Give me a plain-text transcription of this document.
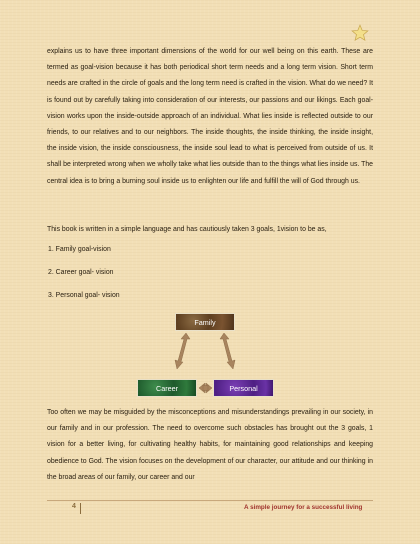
explains us to have three important dimensions of the world for our well being on this earth. These are termed as goal-vision because it has both periodical short term needs and a long term vision. Short term needs are crafted in the circle of goals and the long term need is crafted in the vision. What do we need? It is found out by carefully taking into consideration of our interests, our passions and our likings. Each goal-vision works upon the inside-outside approach of an individual. What lies inside is reflected outside to our friends, to our relatives and to our neighbors. The inside thoughts, the inside thinking, the inside insight, the inside vision, the inside consciousness, the inside soul lead to what is perceived from outside of us. It shall be interpreted wrong when we wholly take what lies outside than to the things what lies inside us. The central idea is to bring a burning soul inside us to enlighten our life and fulfill the will of God through us.

This book is written in a simple language and has cautiously taken 3 goals, 1vision to be as,

1. Family goal-vision
2. Career goal- vision
3. Personal goal- vision
Family
Career	Personal

Too often we may be misguided by the misconceptions and misunderstandings prevailing in our society, in our family and in our profession. The need to overcome such obstacles has brought out the 3 goals, 1 vision for a better living, for cultivating healthy habits, for maintaining good relationships and keeping obedience to God. The vision focuses on the development of our character, our attitude and our thinking in the broad areas of our family, our career and our

4	A simple journey for a successful living
